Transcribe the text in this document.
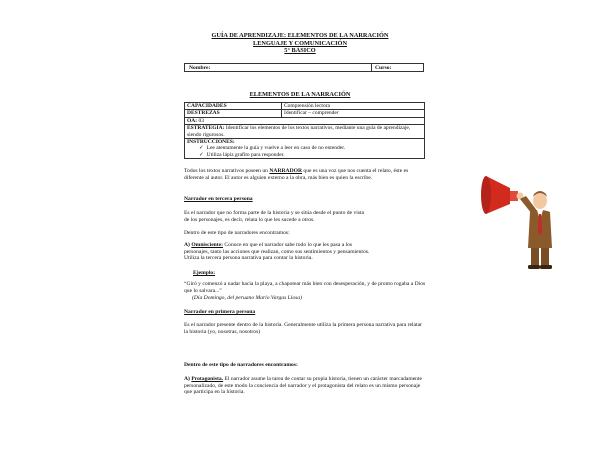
GUÍA DE APRENDIZAJE: ELEMENTOS DE LA NARRACIÓN
LENGUAJE Y COMUNICACIÓN
5° BÁSICO
Nombre:	Curso:
ELEMENTOS DE LA NARRACIÓN
CAPACIDADES	Comprensión lectora
DESTREZAS	Identificar – comprender
OA: 03	
ESTRATEGIA: Identificar los elementos de los textos narrativos, mediante una guía de aprendizaje, siendo rigurosos.	
INSTRUCCIONES:
✓ Lee atentamente la guía y vuelve a leer en caso de no entender.
✓ Utiliza lápiz grafito para responder.
Todos los textos narrativos poseen un NARRADOR que es una voz que nos cuenta el relato, éste es diferente al autor. El autor es alguien externo a la obra, más bien es quien la escribe.
Narrador en tercera persona
Es el narrador que no forma parte de la historia y se sitúa desde el punto de vista de los personajes, es decir, relata lo que les sucede a otros.
Dentro de este tipo de narradores encontramos:
A) Omnisciente: Conoce en que el narrador sabe todo lo que les pasa a los personajes, tanto las acciones que realizan, como sus sentimientos y pensamientos. Utiliza la tercera persona narrativa para contar la historia.
Ejemplo:
“Giró y comenzó a nadar hacia la playa, a chapotear más bien con desesperación, y de pronto rogaba a Dios que lo salvara...”
(Día Domingo, del peruano Mario Vargas Llosa)
Narrador en primera persona
Es el narrador presente dentro de la historia. Generalmente utiliza la primera persona narrativa para relatar la historia (yo, nosotras, nosotros)
Dentro de este tipo de narradores encontramos:
A) Protagonista. El narrador asume la tarea de contar su propia historia, tienen un carácter marcadamente personalizado, de este modo la conciencia del narrador y el protagonista del relato es un mismo personaje que participa en la historia.
